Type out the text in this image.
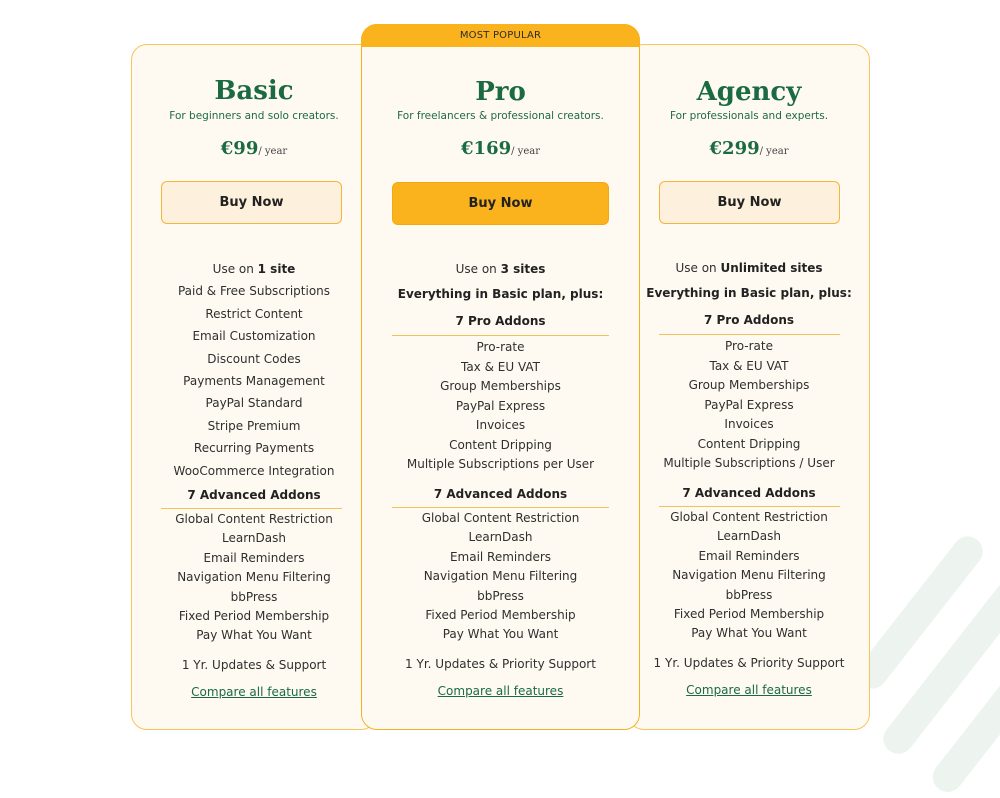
Basic
For beginners and solo creators.
€99/ year
Buy Now
Use on 1 site
Paid & Free Subscriptions
Restrict Content
Email Customization
Discount Codes
Payments Management
PayPal Standard
Stripe Premium
Recurring Payments
WooCommerce Integration
7 Advanced Addons
Global Content Restriction
LearnDash
Email Reminders
Navigation Menu Filtering
bbPress
Fixed Period Membership
Pay What You Want
1 Yr. Updates & Support
Compare all features
Agency
For professionals and experts.
€299/ year
Buy Now
Use on Unlimited sites
Everything in Basic plan, plus:
7 Pro Addons
Pro-rate
Tax & EU VAT
Group Memberships
PayPal Express
Invoices
Content Dripping
Multiple Subscriptions / User
7 Advanced Addons
Global Content Restriction
LearnDash
Email Reminders
Navigation Menu Filtering
bbPress
Fixed Period Membership
Pay What You Want
1 Yr. Updates & Priority Support
Compare all features
MOST POPULAR
Pro
For freelancers & professional creators.
€169/ year
Buy Now
Use on 3 sites
Everything in Basic plan, plus:
7 Pro Addons
Pro-rate
Tax & EU VAT
Group Memberships
PayPal Express
Invoices
Content Dripping
Multiple Subscriptions per User
7 Advanced Addons
Global Content Restriction
LearnDash
Email Reminders
Navigation Menu Filtering
bbPress
Fixed Period Membership
Pay What You Want
1 Yr. Updates & Priority Support
Compare all features
